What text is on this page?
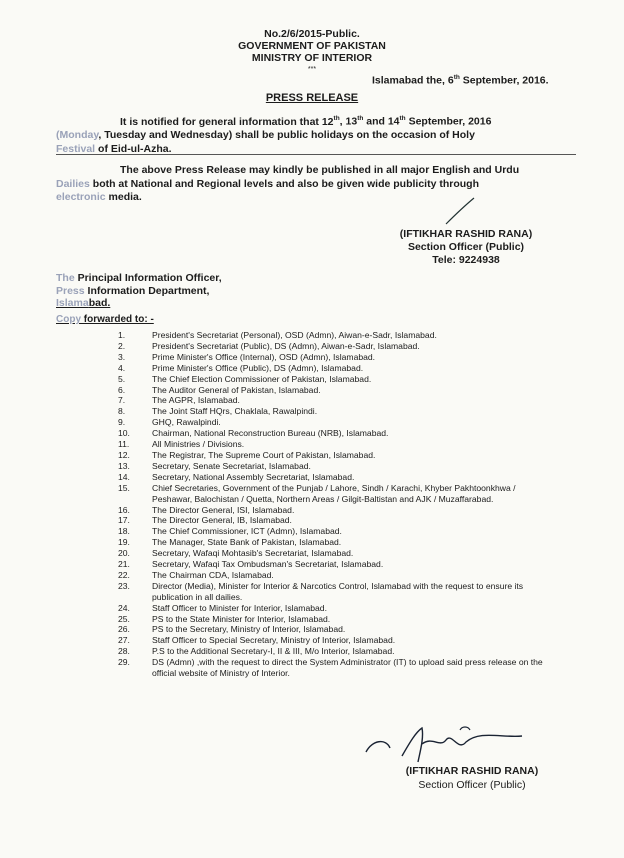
No.2/6/2015-Public.
GOVERNMENT OF PAKISTAN
MINISTRY OF INTERIOR
***
Islamabad the, 6th September, 2016.
PRESS RELEASE
It is notified for general information that 12th, 13th and 14th September, 2016
(Monday, Tuesday and Wednesday) shall be public holidays on the occasion of Holy
Festival of Eid-ul-Azha.
The above Press Release may kindly be published in all major English and Urdu
Dailies both at National and Regional levels and also be given wide publicity through
electronic media.
(IFTIKHAR RASHID RANA)
Section Officer (Public)
Tele: 9224938
The Principal Information Officer,
Press Information Department,
Islamabad.
Copy forwarded to: -
1.	President's Secretariat (Personal), OSD (Admn), Aiwan-e-Sadr, Islamabad.
2.	President's Secretariat (Public), DS (Admn), Aiwan-e-Sadr, Islamabad.
3.	Prime Minister's Office (Internal), OSD (Admn), Islamabad.
4.	Prime Minister's Office (Public), DS (Admn), Islamabad.
5.	The Chief Election Commissioner of Pakistan, Islamabad.
6.	The Auditor General of Pakistan, Islamabad.
7.	The AGPR, Islamabad.
8.	The Joint Staff HQrs, Chaklala, Rawalpindi.
9.	GHQ, Rawalpindi.
10.	Chairman, National Reconstruction Bureau (NRB), Islamabad.
11.	All Ministries / Divisions.
12.	The Registrar, The Supreme Court of Pakistan, Islamabad.
13.	Secretary, Senate Secretariat, Islamabad.
14.	Secretary, National Assembly Secretariat, Islamabad.
15.	Chief Secretaries, Government of the Punjab / Lahore, Sindh / Karachi, Khyber Pakhtoonkhwa / Peshawar, Balochistan / Quetta, Northern Areas / Gilgit-Baltistan and AJK / Muzaffarabad.
16.	The Director General, ISI, Islamabad.
17.	The Director General, IB, Islamabad.
18.	The Chief Commissioner, ICT (Admn), Islamabad.
19.	The Manager, State Bank of Pakistan, Islamabad.
20.	Secretary, Wafaqi Mohtasib's Secretariat, Islamabad.
21.	Secretary, Wafaqi Tax Ombudsman's Secretariat, Islamabad.
22.	The Chairman CDA, Islamabad.
23.	Director (Media), Minister for Interior & Narcotics Control, Islamabad with the request to ensure its publication in all dailies.
24.	Staff Officer to Minister for Interior, Islamabad.
25.	PS to the State Minister for Interior, Islamabad.
26.	PS to the Secretary, Ministry of Interior, Islamabad.
27.	Staff Officer to Special Secretary, Ministry of Interior, Islamabad.
28.	P.S to the Additional Secretary-I, II & III, M/o Interior, Islamabad.
29.	DS (Admn) ,with the request to direct the System Administrator (IT) to upload said press release on the official website of Ministry of Interior.
(IFTIKHAR RASHID RANA)
Section Officer (Public)
